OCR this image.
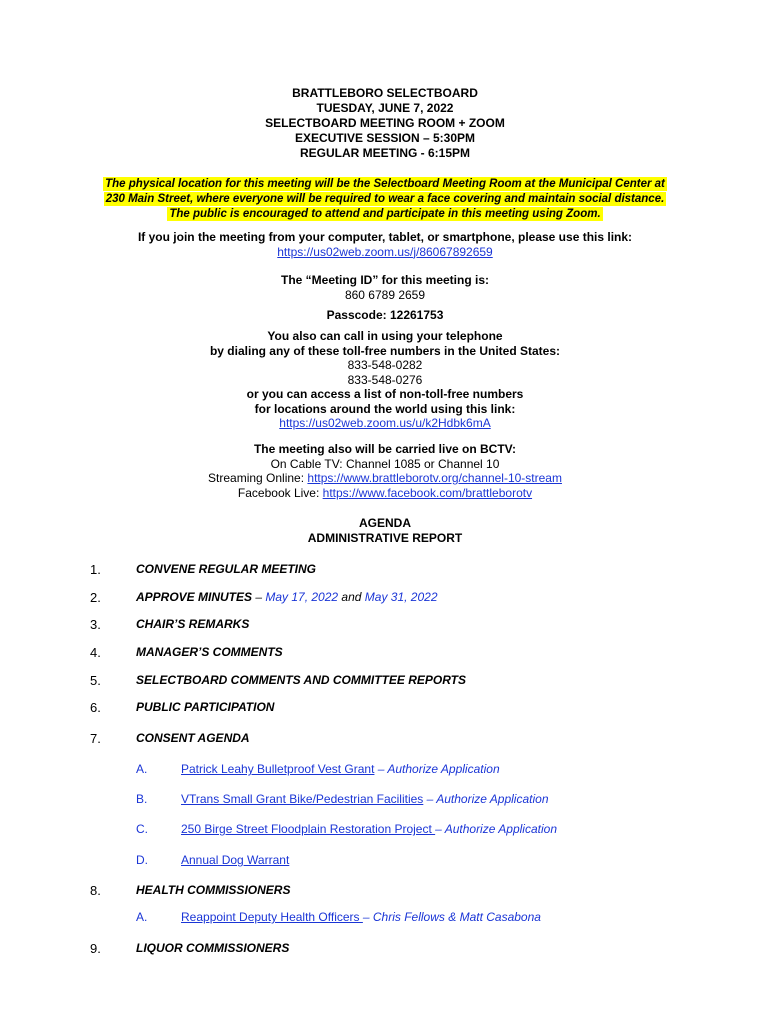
BRATTLEBORO SELECTBOARD
TUESDAY, JUNE 7, 2022
SELECTBOARD MEETING ROOM + ZOOM
EXECUTIVE SESSION – 5:30PM
REGULAR MEETING - 6:15PM
The physical location for this meeting will be the Selectboard Meeting Room at the Municipal Center at
230 Main Street, where everyone will be required to wear a face covering and maintain social distance.
The public is encouraged to attend and participate in this meeting using Zoom.
If you join the meeting from your computer, tablet, or smartphone, please use this link:
https://us02web.zoom.us/j/86067892659
The “Meeting ID” for this meeting is:
860 6789 2659
Passcode: 12261753
You also can call in using your telephone
by dialing any of these toll-free numbers in the United States:
833-548-0282
833-548-0276
or you can access a list of non-toll-free numbers
for locations around the world using this link:
https://us02web.zoom.us/u/k2Hdbk6mA
The meeting also will be carried live on BCTV:
On Cable TV: Channel 1085 or Channel 10
Streaming Online: https://www.brattleborotv.org/channel-10-stream
Facebook Live: https://www.facebook.com/brattleborotv
AGENDA
ADMINISTRATIVE REPORT
1.	CONVENE REGULAR MEETING
2.	APPROVE MINUTES – May 17, 2022 and May 31, 2022
3.	CHAIR’S REMARKS
4.	MANAGER’S COMMENTS
5.	SELECTBOARD COMMENTS AND COMMITTEE REPORTS
6.	PUBLIC PARTICIPATION
7.	CONSENT AGENDA
A.	Patrick Leahy Bulletproof Vest Grant – Authorize Application
B.	VTrans Small Grant Bike/Pedestrian Facilities – Authorize Application
C.	250 Birge Street Floodplain Restoration Project – Authorize Application
D.	Annual Dog Warrant
8.	HEALTH COMMISSIONERS
A.	Reappoint Deputy Health Officers – Chris Fellows & Matt Casabona
9.	LIQUOR COMMISSIONERS
